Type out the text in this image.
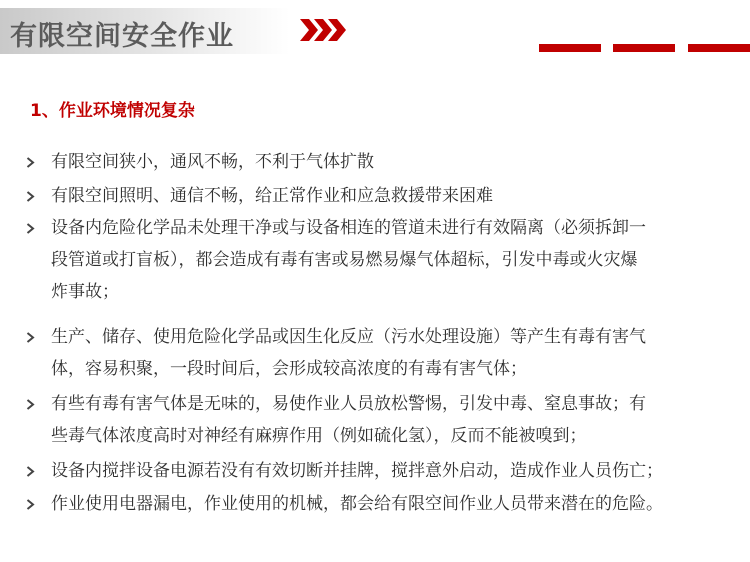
有限空间安全作业
1、作业环境情况复杂
有限空间狭小，通风不畅，不利于气体扩散
有限空间照明、通信不畅，给正常作业和应急救援带来困难
设备内危险化学品未处理干净或与设备相连的管道未进行有效隔离（必须拆卸一
段管道或打盲板），都会造成有毒有害或易燃易爆气体超标，引发中毒或火灾爆
炸事故；
生产、储存、使用危险化学品或因生化反应（污水处理设施）等产生有毒有害气
体，容易积聚，一段时间后，会形成较高浓度的有毒有害气体；
有些有毒有害气体是无味的，易使作业人员放松警惕，引发中毒、窒息事故；有
些毒气体浓度高时对神经有麻痹作用（例如硫化氢），反而不能被嗅到；
设备内搅拌设备电源若没有有效切断并挂牌，搅拌意外启动，造成作业人员伤亡；
作业使用电器漏电，作业使用的机械，都会给有限空间作业人员带来潜在的危险。
